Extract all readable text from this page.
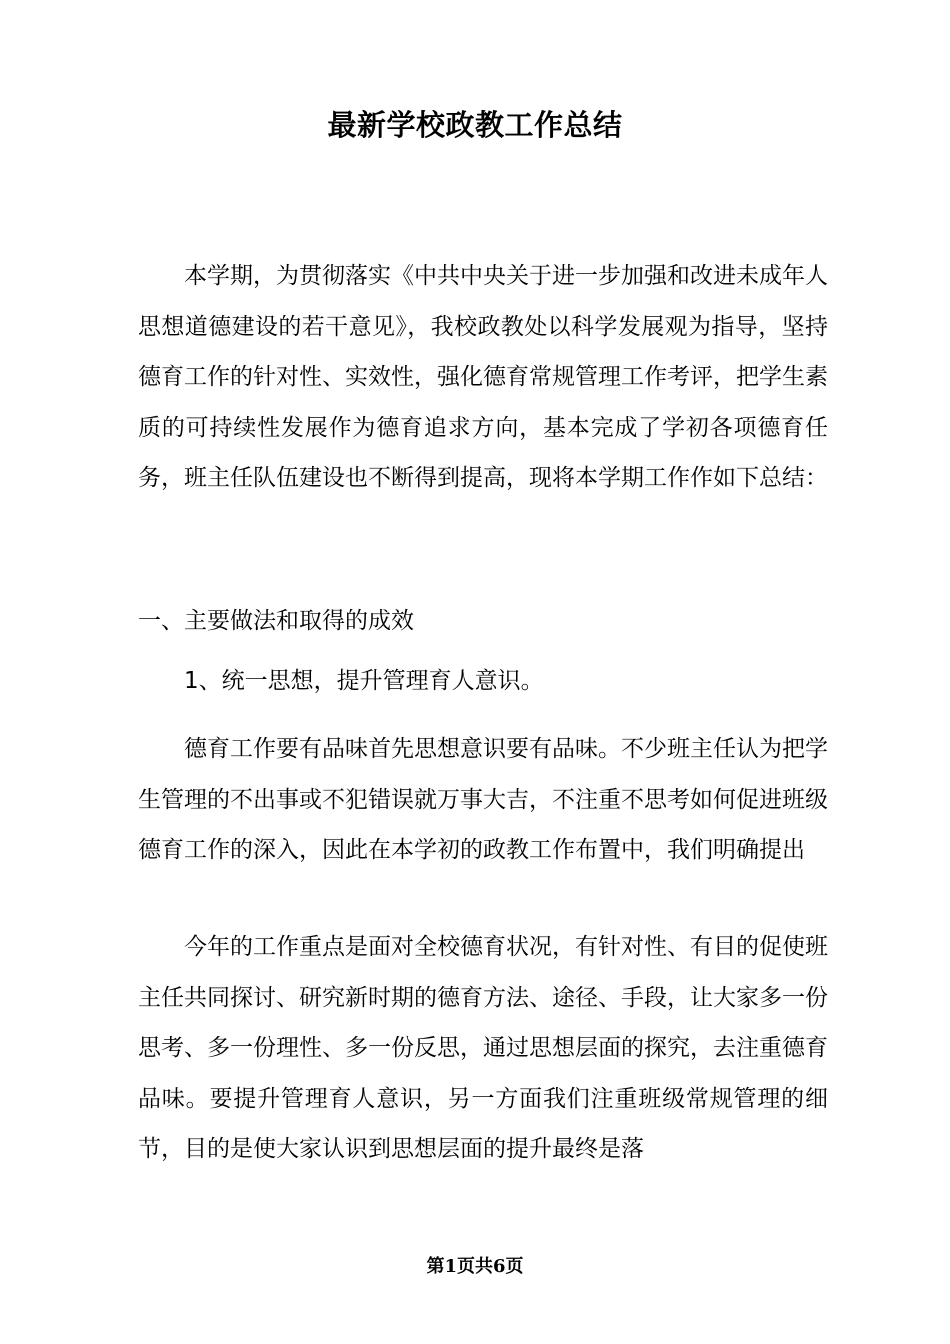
最新学校政教工作总结

本学期，为贯彻落实《中共中央关于进一步加强和改进未成年人思想道德建设的若干意见》，我校政教处以科学发展观为指导，坚持德育工作的针对性、实效性，强化德育常规管理工作考评，把学生素质的可持续性发展作为德育追求方向，基本完成了学初各项德育任务，班主任队伍建设也不断得到提高，现将本学期工作作如下总结：

一、主要做法和取得的成效

1、统一思想，提升管理育人意识。

德育工作要有品味首先思想意识要有品味。不少班主任认为把学生管理的不出事或不犯错误就万事大吉，不注重不思考如何促进班级德育工作的深入，因此在本学初的政教工作布置中，我们明确提出

今年的工作重点是面对全校德育状况，有针对性、有目的促使班主任共同探讨、研究新时期的德育方法、途径、手段，让大家多一份思考、多一份理性、多一份反思，通过思想层面的探究，去注重德育品味。要提升管理育人意识，另一方面我们注重班级常规管理的细节，目的是使大家认识到思想层面的提升最终是落

第1页共6页
